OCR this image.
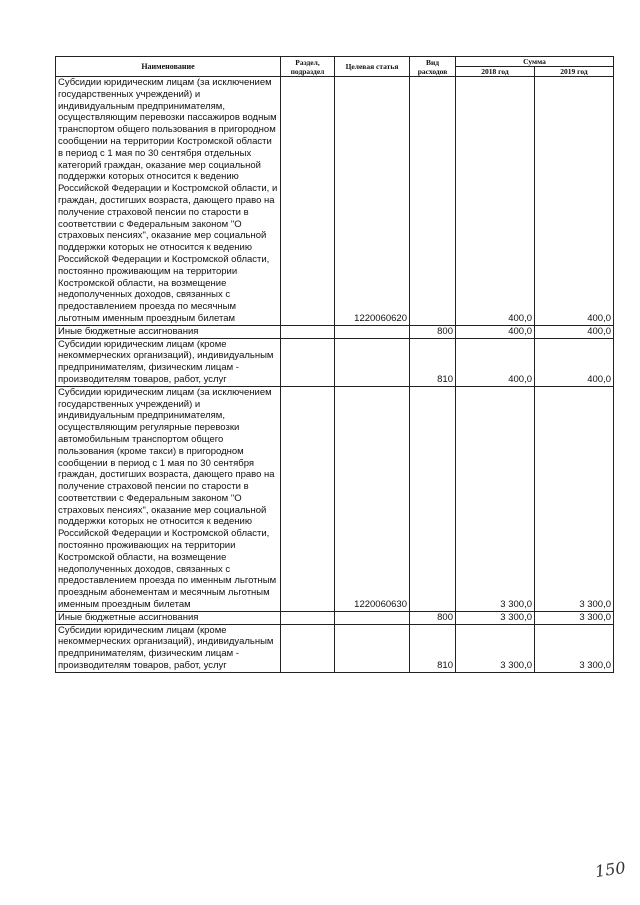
Наименование	Раздел, подраздел	Целевая статья	Вид расходов	Сумма	
				2018 год	2019 год
Субсидии юридическим лицам (за исключением государственных учреждений) и индивидуальным предпринимателям, осуществляющим перевозки пассажиров водным транспортом общего пользования в пригородном сообщении на территории Костромской области в период с 1 мая по 30 сентября отдельных категорий граждан, оказание мер социальной поддержки которых относится к ведению Российской Федерации и Костромской области, и граждан, достигших возраста, дающего право на получение страховой пенсии по старости в соответствии с Федеральным законом "О страховых пенсиях", оказание мер социальной поддержки которых не относится к ведению Российской Федерации и Костромской области, постоянно проживающим на территории Костромской области, на возмещение недополученных доходов, связанных с предоставлением проезда по месячным льготным именным проездным билетам		1220060620		400,0	400,0
Иные бюджетные ассигнования			800	400,0	400,0
Субсидии юридическим лицам (кроме некоммерческих организаций), индивидуальным предпринимателям, физическим лицам - производителям товаров, работ, услуг			810	400,0	400,0
Субсидии юридическим лицам (за исключением государственных учреждений) и индивидуальным предпринимателям, осуществляющим регулярные перевозки автомобильным транспортом общего пользования (кроме такси) в пригородном сообщении в период с 1 мая по 30 сентября граждан, достигших возраста, дающего право на получение страховой пенсии по старости в соответствии с Федеральным законом "О страховых пенсиях", оказание мер социальной поддержки которых не относится к ведению Российской Федерации и Костромской области, постоянно проживающих на территории Костромской области, на возмещение недополученных доходов, связанных с предоставлением проезда по именным льготным проездным абонементам и месячным льготным именным проездным билетам		1220060630		3 300,0	3 300,0
Иные бюджетные ассигнования			800	3 300,0	3 300,0
Субсидии юридическим лицам (кроме некоммерческих организаций), индивидуальным предпринимателям, физическим лицам - производителям товаров, работ, услуг			810	3 300,0	3 300,0
150
